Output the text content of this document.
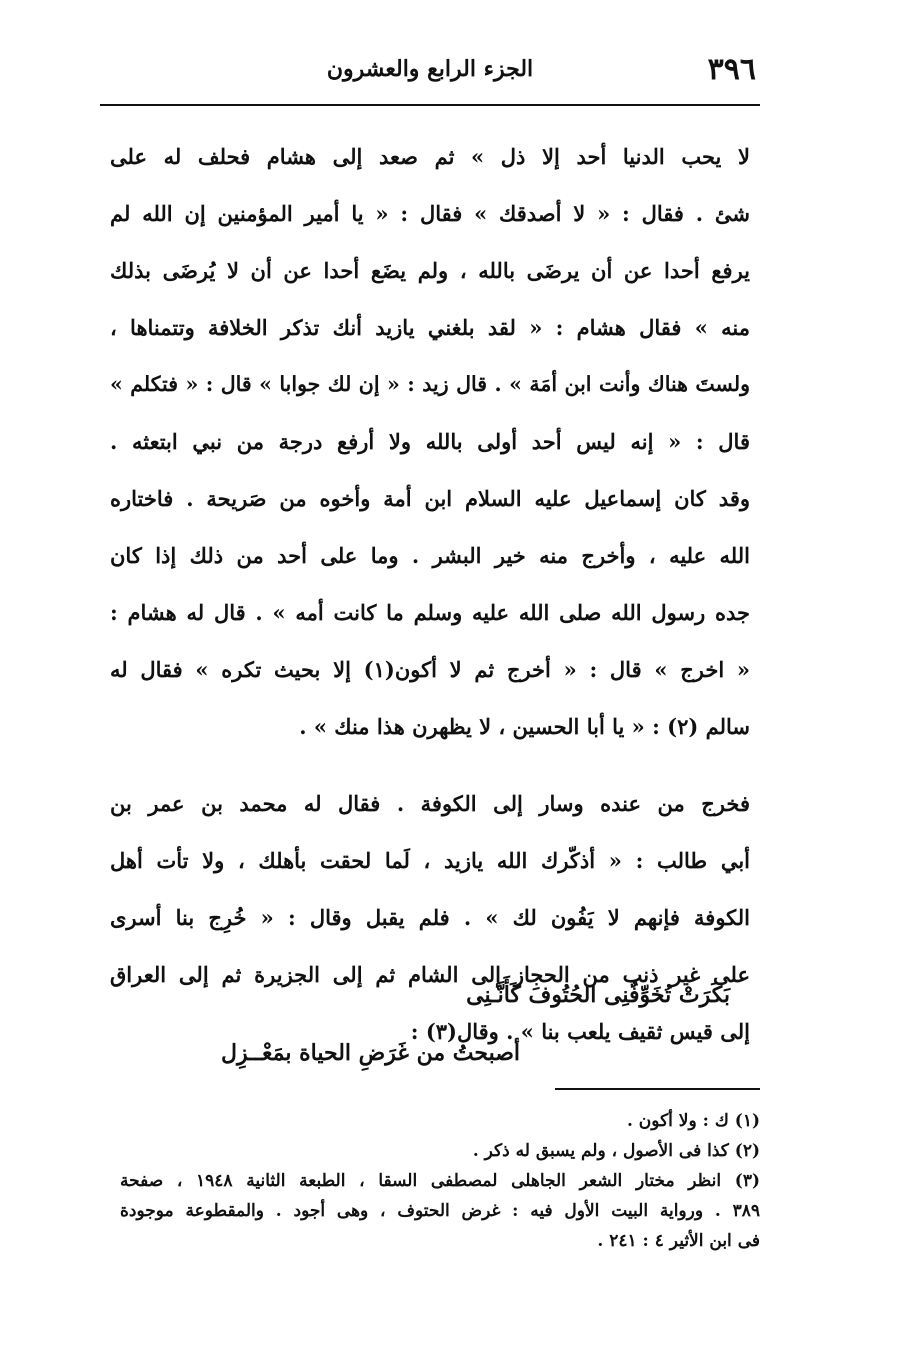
٣٩٦
الجزء الرابع والعشرون

لا يحب الدنيا أحد إلا ذل » ثم صعد إلى هشام فحلف له على

شئ . فقال : « لا أصدقك » فقال : « يا أمير المؤمنين إن الله لم

يرفع أحدا عن أن يرضَى بالله ، ولم يضَع أحدا عن أن لا يُرضَى بذلك

منه » فقال هشام : « لقد بلغني يازيد أنك تذكر الخلافة وتتمناها ،

ولستَ هناك وأنت ابن أمَة » . قال زيد : « إن لك جوابا » قال : « فتكلم »

قال : « إنه ليس أحد أولى بالله ولا أرفع درجة من نبي ابتعثه .

وقد كان إسماعيل عليه السلام ابن أمة وأخوه من صَريحة . فاختاره

الله عليه ، وأخرج منه خير البشر . وما على أحد من ذلك إذا كان

جده رسول الله صلى الله عليه وسلم ما كانت أمه » . قال له هشام :

« اخرج » قال : « أخرج ثم لا أكون(١) إلا بحيث تكره » فقال له

سالم (٢) : « يا أبا الحسين ، لا يظهرن هذا منك » .

فخرج من عنده وسار إلى الكوفة . فقال له محمد بن عمر بن

أبي طالب : « أذكّرك الله يازيد ، لَما لحقت بأهلك ، ولا تأت أهل

الكوفة فإنهم لا يَفُون لك » . فلم يقبل وقال : « خُرِج بنا أسرى

على غير ذنب من الحجاز إلى الشام ثم إلى الجزيرة ثم إلى العراق

إلى قيس ثقيف يلعب بنا » . وقال(٣) :

بَكَرَتْ تُخَوِّفُنِى الحُتُوفَ كَأَنَّـنِى
أصبحتُ من غَرَضِ الحياة بمَعْــزِل

(١) ك : ولا أكون .

(٢) كذا فى الأصول ، ولم يسبق له ذكر .

(٣) انظر مختار الشعر الجاهلى لمصطفى السقا ، الطبعة الثانية ١٩٤٨ ، صفحة

٣٨٩ . ورواية البيت الأول فيه : غرض الحتوف ، وهى أجود . والمقطوعة موجودة

فى ابن الأثير ٤ : ٢٤١ .
